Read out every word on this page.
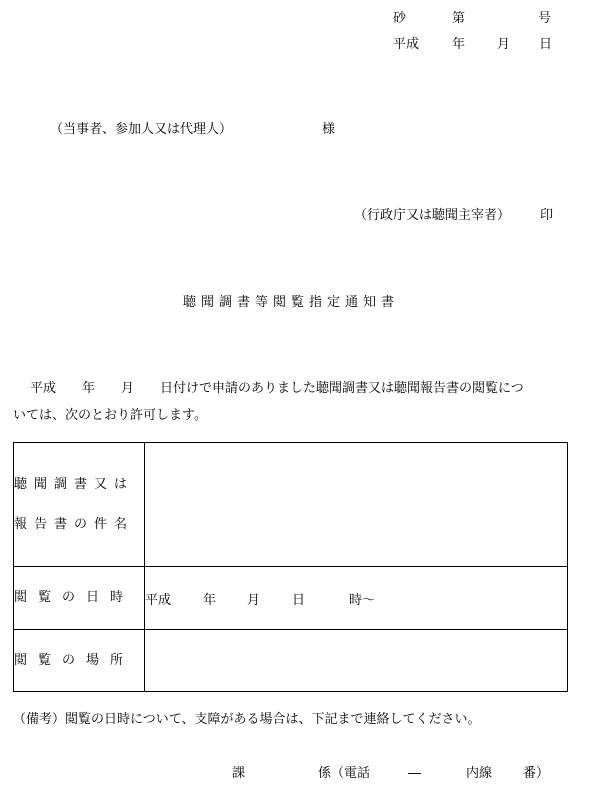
砂	第	号
平成	年 月 日
（当事者、参加人又は代理人）	様
（行政庁又は聴聞主宰者） 印
聴聞調書等閲覧指定通知書
平成　　年　　月　　日付けで申請のありました聴聞調書又は聴聞報告書の閲覧につ
いては、次のとおり許可します。
聴聞調書又は
報告書の件名	

閲覧の日時	平成 年 月 日 時～

閲覧の場所	

（備考）閲覧の日時について、支障がある場合は、下記まで連絡してください。
課	係（電話	―	内線 番）
